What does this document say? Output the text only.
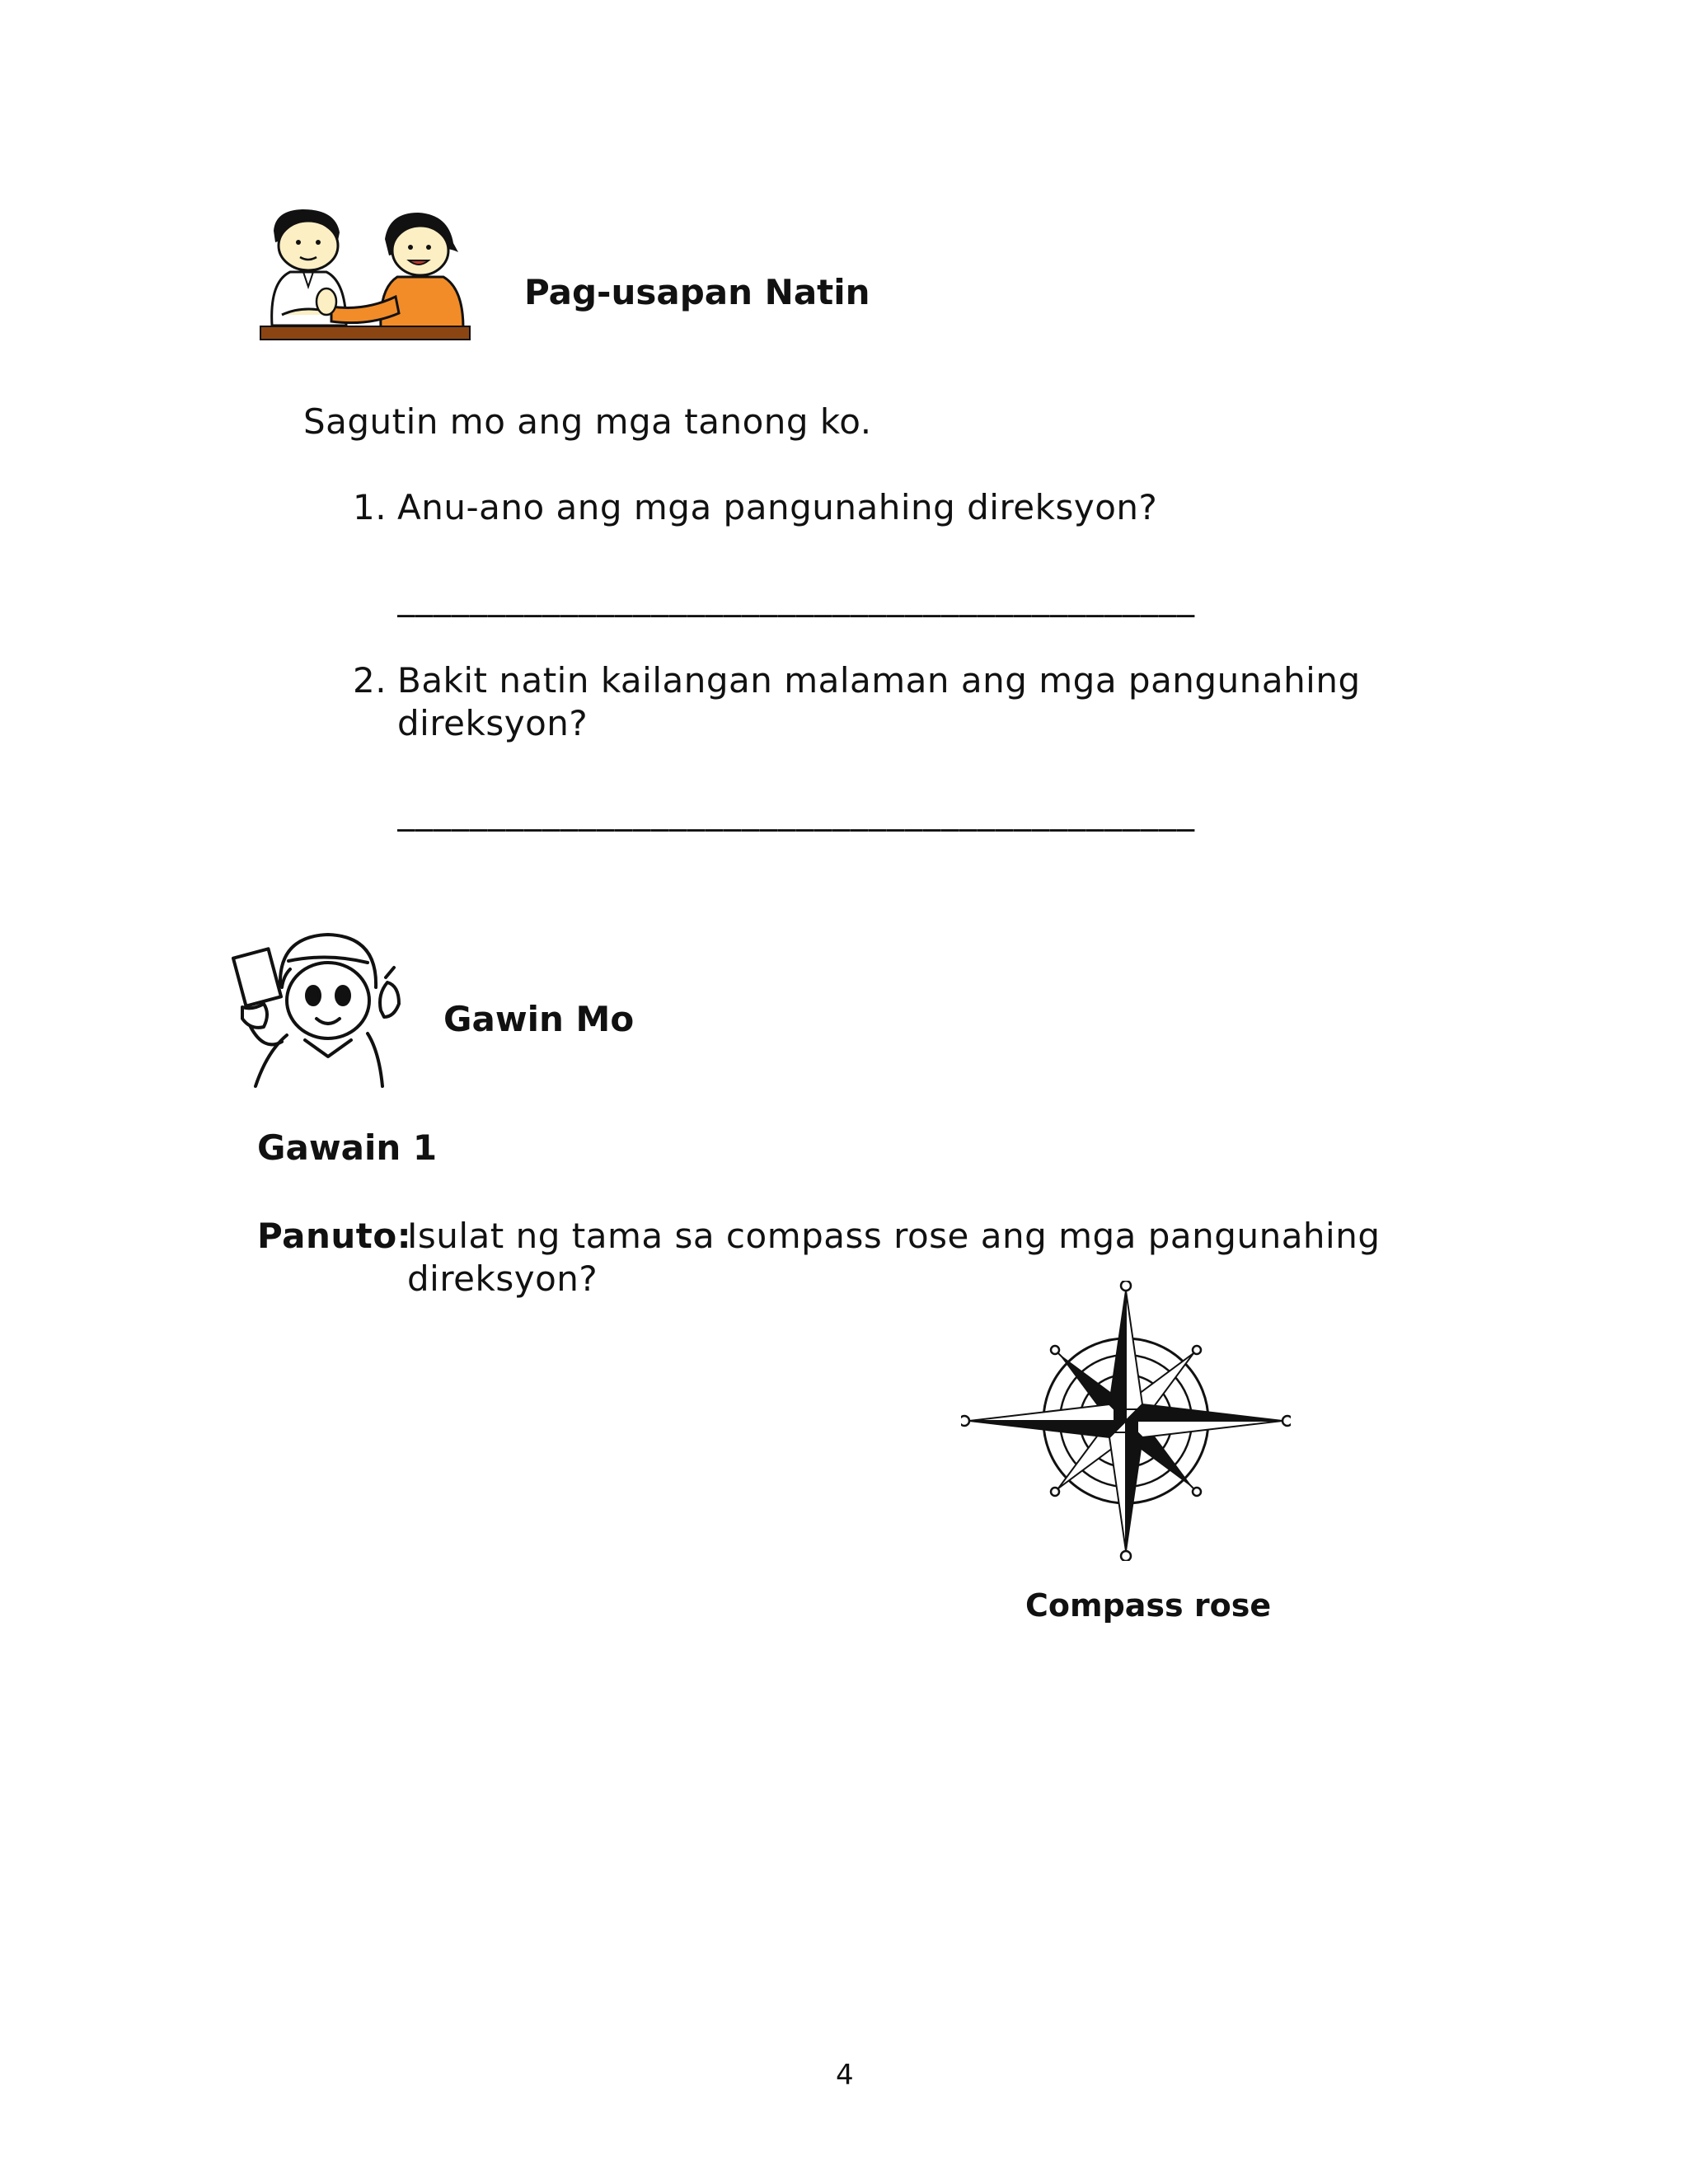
Pag-usapan Natin
Sagutin mo ang mga tanong ko.
1. Anu-ano ang mga pangunahing direksyon?
____________________________________________
2. Bakit natin kailangan malaman ang mga pangunahing
direksyon?
____________________________________________
Gawin Mo
Gawain 1
Panuto:
Isulat ng tama sa compass rose ang mga pangunahing
direksyon?
Compass rose
4
